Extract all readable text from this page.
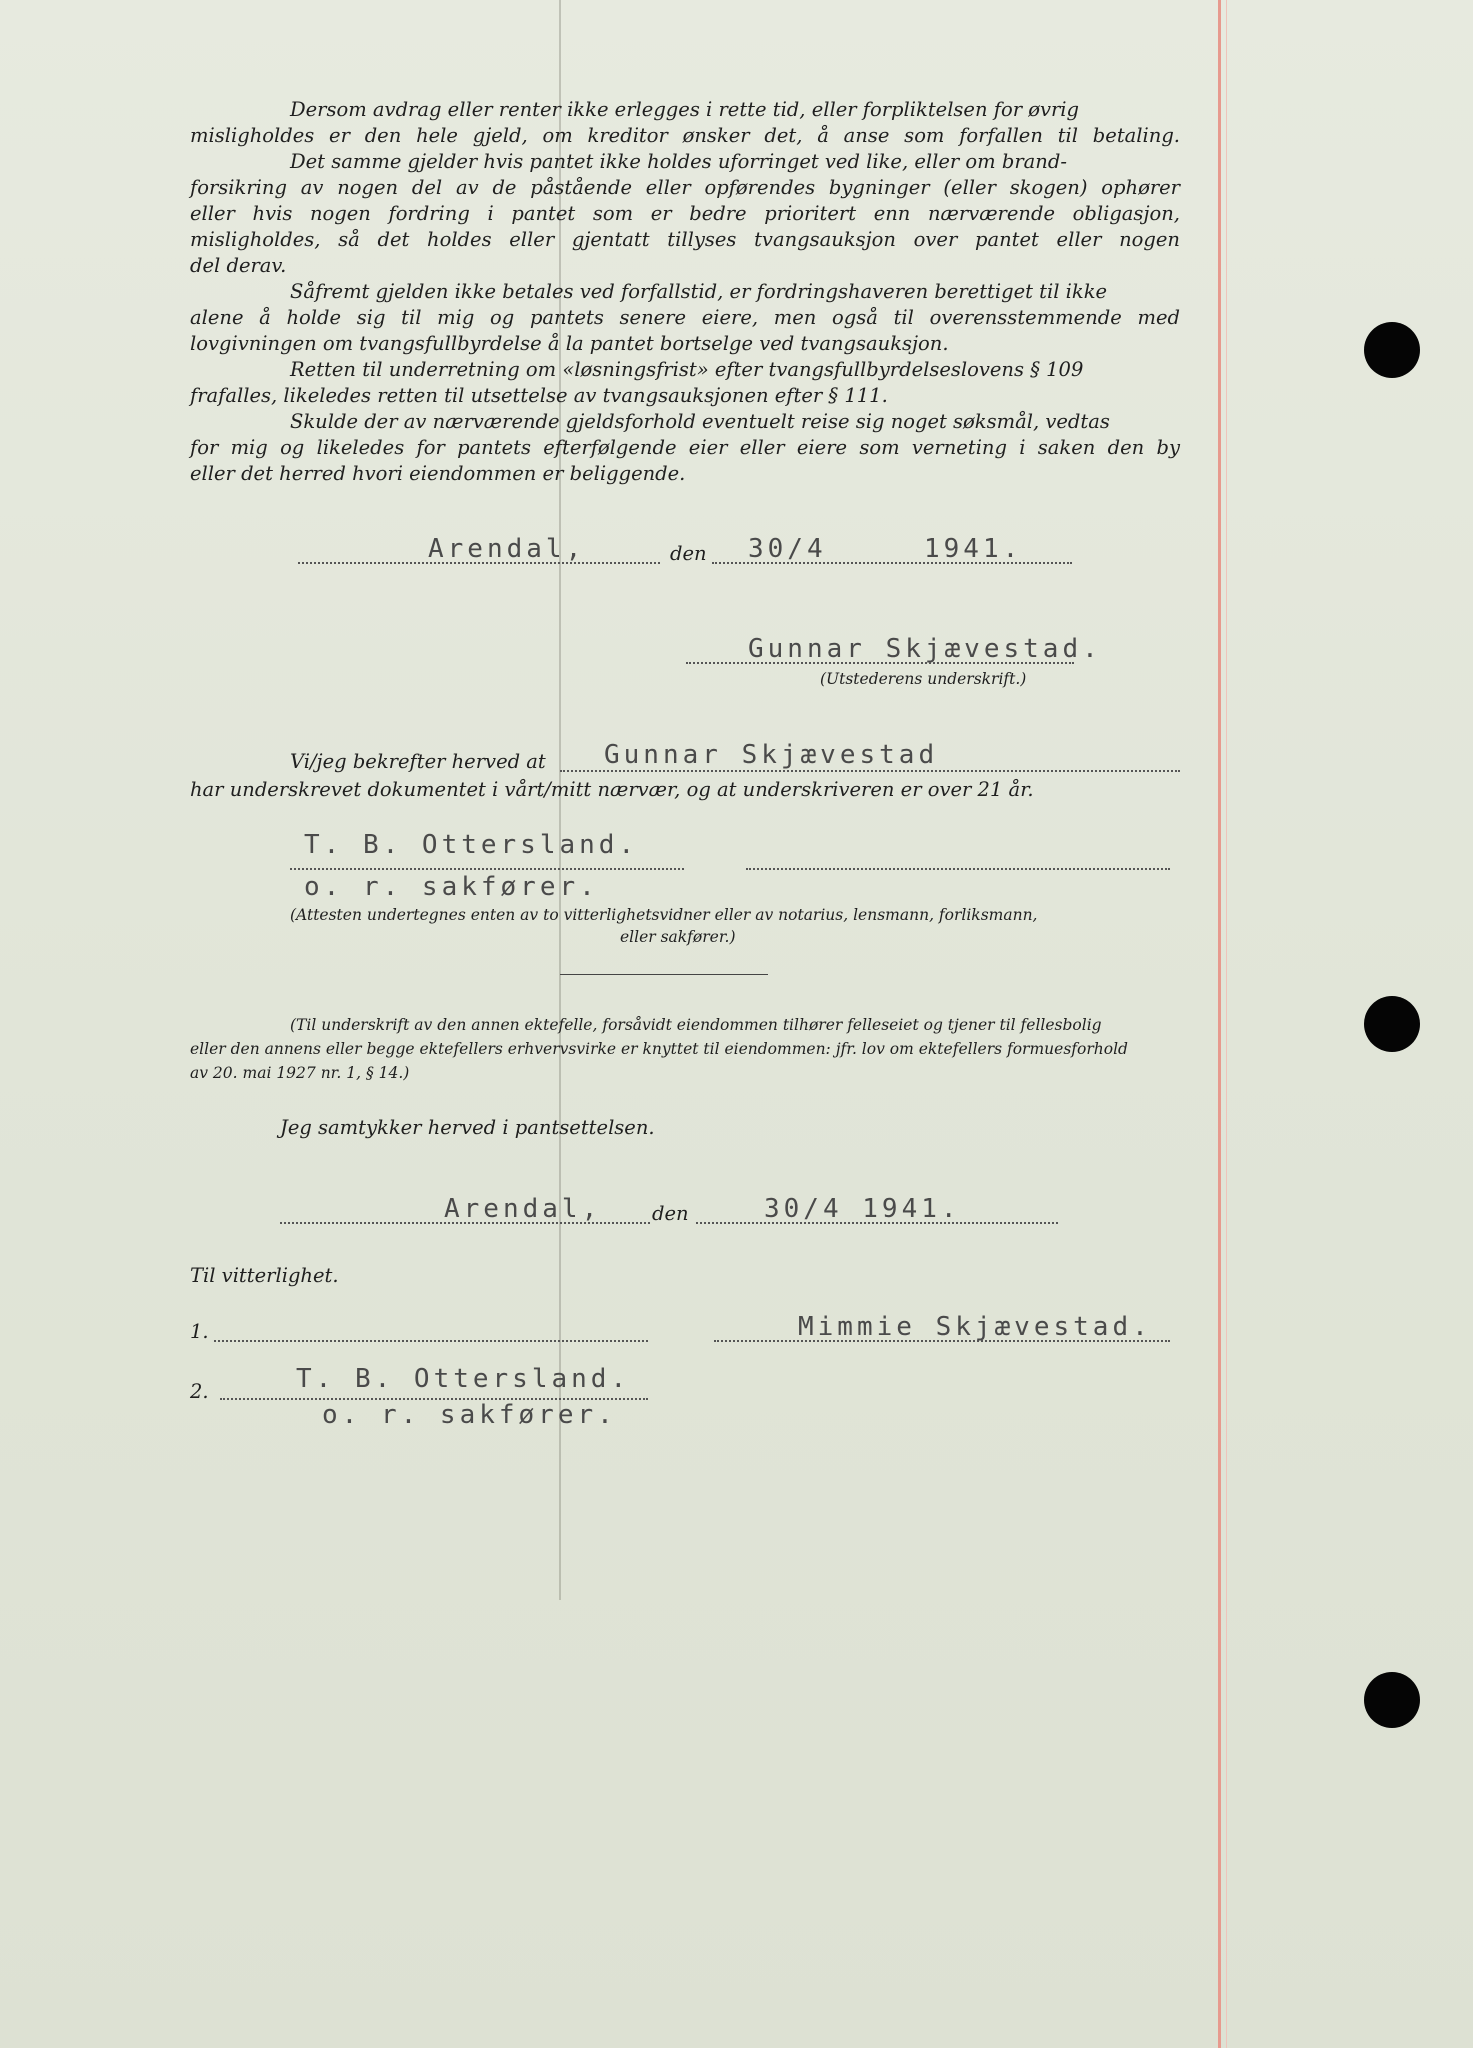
Dersom avdrag eller renter ikke erlegges i rette tid, eller forpliktelsen for øvrig
misligholdes er den hele gjeld, om kreditor ønsker det, å anse som forfallen til betaling.
Det samme gjelder hvis pantet ikke holdes uforringet ved like, eller om brand-
forsikring av nogen del av de påstående eller opførendes bygninger (eller skogen) ophører
eller hvis nogen fordring i pantet som er bedre prioritert enn nærværende obligasjon,
misligholdes, så det holdes eller gjentatt tillyses tvangsauksjon over pantet eller nogen
del derav.
Såfremt gjelden ikke betales ved forfallstid, er fordringshaveren berettiget til ikke
alene å holde sig til mig og pantets senere eiere, men også til overensstemmende med
lovgivningen om tvangsfullbyrdelse å la pantet bortselge ved tvangsauksjon.
Retten til underretning om «løsningsfrist» efter tvangsfullbyrdelseslovens § 109
frafalles, likeledes retten til utsettelse av tvangsauksjonen efter § 111.
Skulde der av nærværende gjeldsforhold eventuelt reise sig noget søksmål, vedtas
for mig og likeledes for pantets efterfølgende eier eller eiere som verneting i saken den by
eller det herred hvori eiendommen er beliggende.
Arendal,	den 30/4	1941.
Gunnar Skjævestad.
(Utstederens underskrift.)
Vi/jeg bekrefter herved at Gunnar Skjævestad
har underskrevet dokumentet i vårt/mitt nærvær, og at underskriveren er over 21 år.
T. B. Ottersland.
o. r. sakfører.
(Attesten undertegnes enten av to vitterlighetsvidner eller av notarius, lensmann, forliksmann,
eller sakfører.)
(Til underskrift av den annen ektefelle, forsåvidt eiendommen tilhører felleseiet og tjener til fellesbolig
eller den annens eller begge ektefellers erhvervsvirke er knyttet til eiendommen: jfr. lov om ektefellers formuesforhold
av 20. mai 1927 nr. 1, § 14.)
Jeg samtykker herved i pantsettelsen.
Arendal,	den	30/4 1941.
Til vitterlighet.
1.	Mimmie Skjævestad.
2.	T. B. Ottersland.
o. r. sakfører.
